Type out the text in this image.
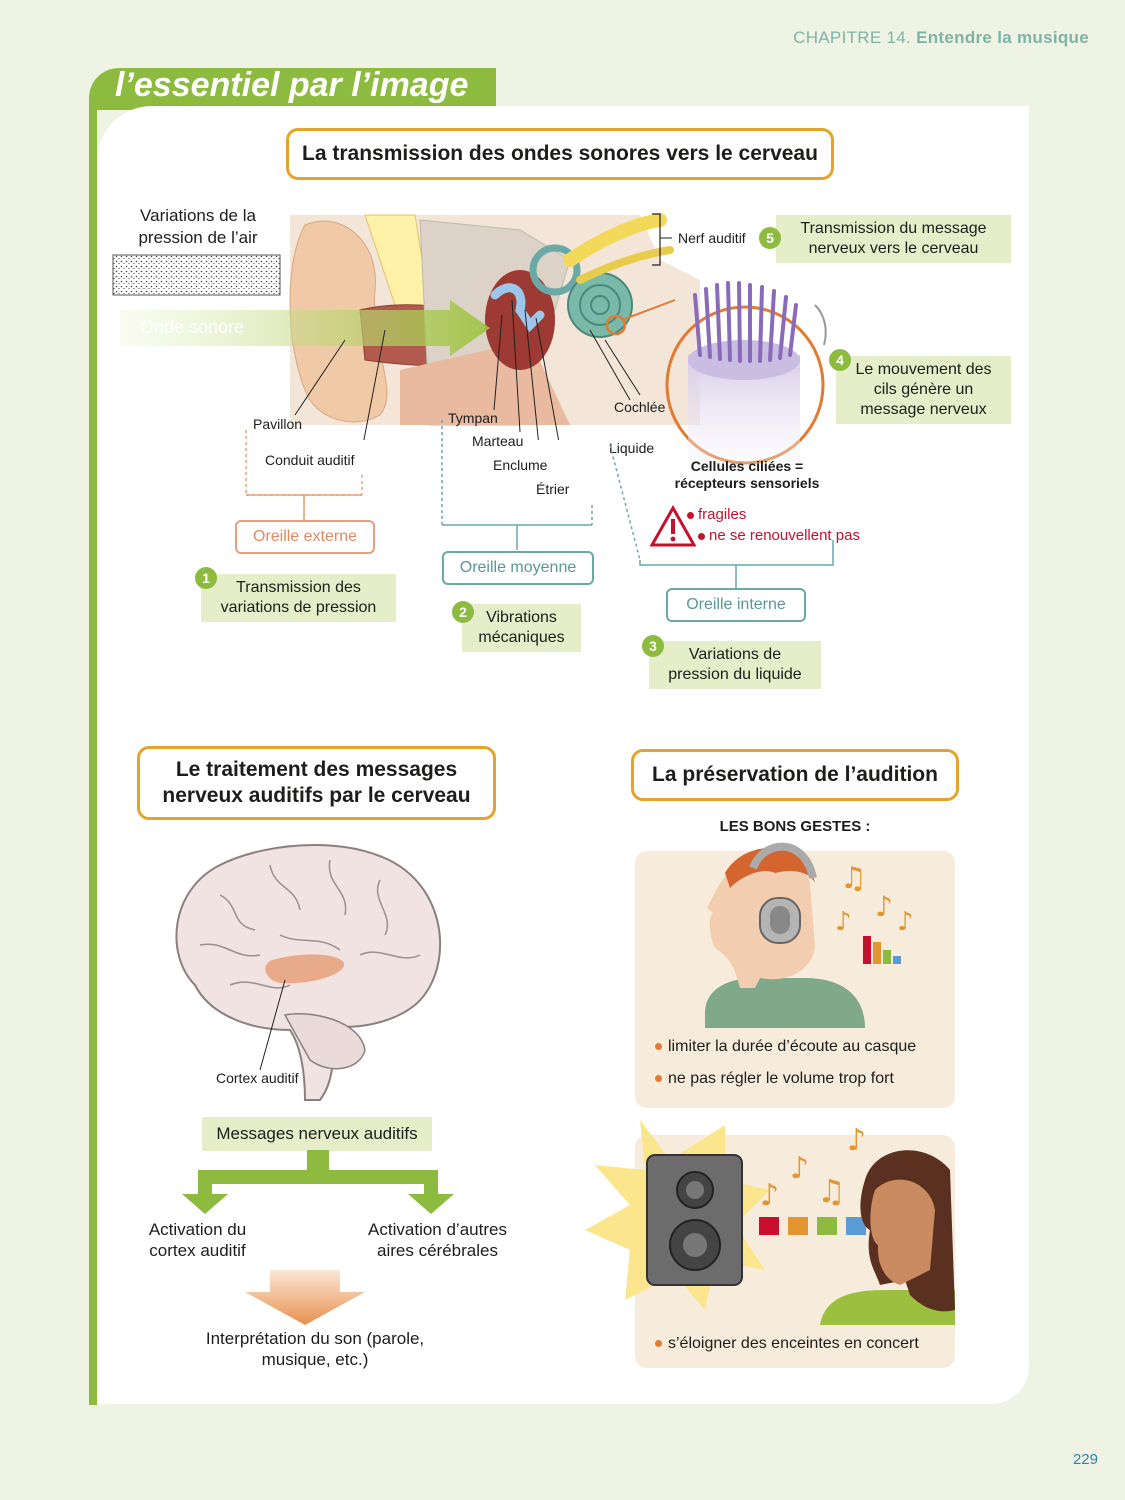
CHAPITRE 14. Entendre la musique
l’essentiel par l’image
La transmission des ondes sonores vers le cerveau
Variations de la pression de l’air
Onde sonore
Pavillon
Conduit auditif
Tympan
Marteau
Enclume
Étrier
Liquide
Cochlée
Nerf auditif
Cellules ciliées = récepteurs sensoriels
fragiles
ne se renouvellent pas
Oreille externe
Oreille moyenne
Oreille interne
Transmission des variations de pression
1
Vibrations mécaniques
2
Variations de pression du liquide
3
Le mouvement des cils génère un message nerveux
4
Transmission du message nerveux vers le cerveau
5
Le traitement des messages nerveux auditifs par le cerveau
Cortex auditif
Messages nerveux auditifs
Activation du cortex auditif
Activation d’autres aires cérébrales
Interprétation du son (parole, musique, etc.)
La préservation de l’audition
LES BONS GESTES :
♫
♪
♪ ♪
limiter la durée d’écoute au casque
ne pas régler le volume trop fort
♪
♪
♫
♪
s’éloigner des enceintes en concert
229
